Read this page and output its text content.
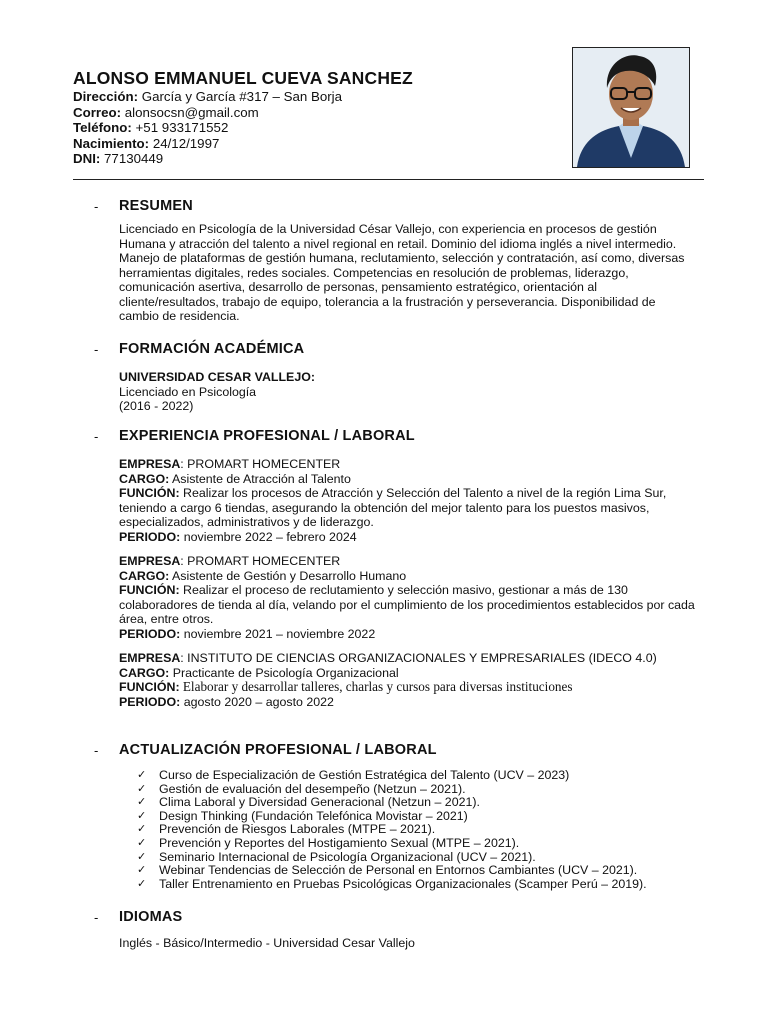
ALONSO EMMANUEL CUEVA SANCHEZ
Dirección: García y García #317 – San Borja
Correo: alonsocsn@gmail.com
Teléfono: +51 933171552
Nacimiento: 24/12/1997
DNI: 77130449
-	RESUMEN
Licenciado en Psicología de la Universidad César Vallejo, con experiencia en procesos de gestión
Humana y atracción del talento a nivel regional en retail. Dominio del idioma inglés a nivel intermedio.
Manejo de plataformas de gestión humana, reclutamiento, selección y contratación, así como, diversas
herramientas digitales, redes sociales. Competencias en resolución de problemas, liderazgo,
comunicación asertiva, desarrollo de personas, pensamiento estratégico, orientación al
cliente/resultados, trabajo de equipo, tolerancia a la frustración y perseverancia. Disponibilidad de
cambio de residencia.
-	FORMACIÓN ACADÉMICA
UNIVERSIDAD CESAR VALLEJO:
Licenciado en Psicología
(2016 - 2022)
-	EXPERIENCIA PROFESIONAL / LABORAL
EMPRESA: PROMART HOMECENTER
CARGO: Asistente de Atracción al Talento
FUNCIÓN: Realizar los procesos de Atracción y Selección del Talento a nivel de la región Lima Sur,
teniendo a cargo 6 tiendas, asegurando la obtención del mejor talento para los puestos masivos,
especializados, administrativos y de liderazgo.
PERIODO: noviembre 2022 – febrero 2024
EMPRESA: PROMART HOMECENTER
CARGO: Asistente de Gestión y Desarrollo Humano
FUNCIÓN: Realizar el proceso de reclutamiento y selección masivo, gestionar a más de 130
colaboradores de tienda al día, velando por el cumplimiento de los procedimientos establecidos por cada
área, entre otros.
PERIODO: noviembre 2021 – noviembre 2022
EMPRESA: INSTITUTO DE CIENCIAS ORGANIZACIONALES Y EMPRESARIALES (IDECO 4.0)
CARGO: Practicante de Psicología Organizacional
FUNCIÓN: Elaborar y desarrollar talleres, charlas y cursos para diversas instituciones
PERIODO: agosto 2020 – agosto 2022
-	ACTUALIZACIÓN PROFESIONAL / LABORAL
✓	Curso de Especialización de Gestión Estratégica del Talento (UCV – 2023)
✓	Gestión de evaluación del desempeño (Netzun – 2021).
✓	Clima Laboral y Diversidad Generacional (Netzun – 2021).
✓	Design Thinking (Fundación Telefónica Movistar – 2021)
✓	Prevención de Riesgos Laborales (MTPE – 2021).
✓	Prevención y Reportes del Hostigamiento Sexual (MTPE – 2021).
✓	Seminario Internacional de Psicología Organizacional (UCV – 2021).
✓	Webinar Tendencias de Selección de Personal en Entornos Cambiantes (UCV – 2021).
✓	Taller Entrenamiento en Pruebas Psicológicas Organizacionales (Scamper Perú – 2019).
-	IDIOMAS
Inglés - Básico/Intermedio - Universidad Cesar Vallejo
